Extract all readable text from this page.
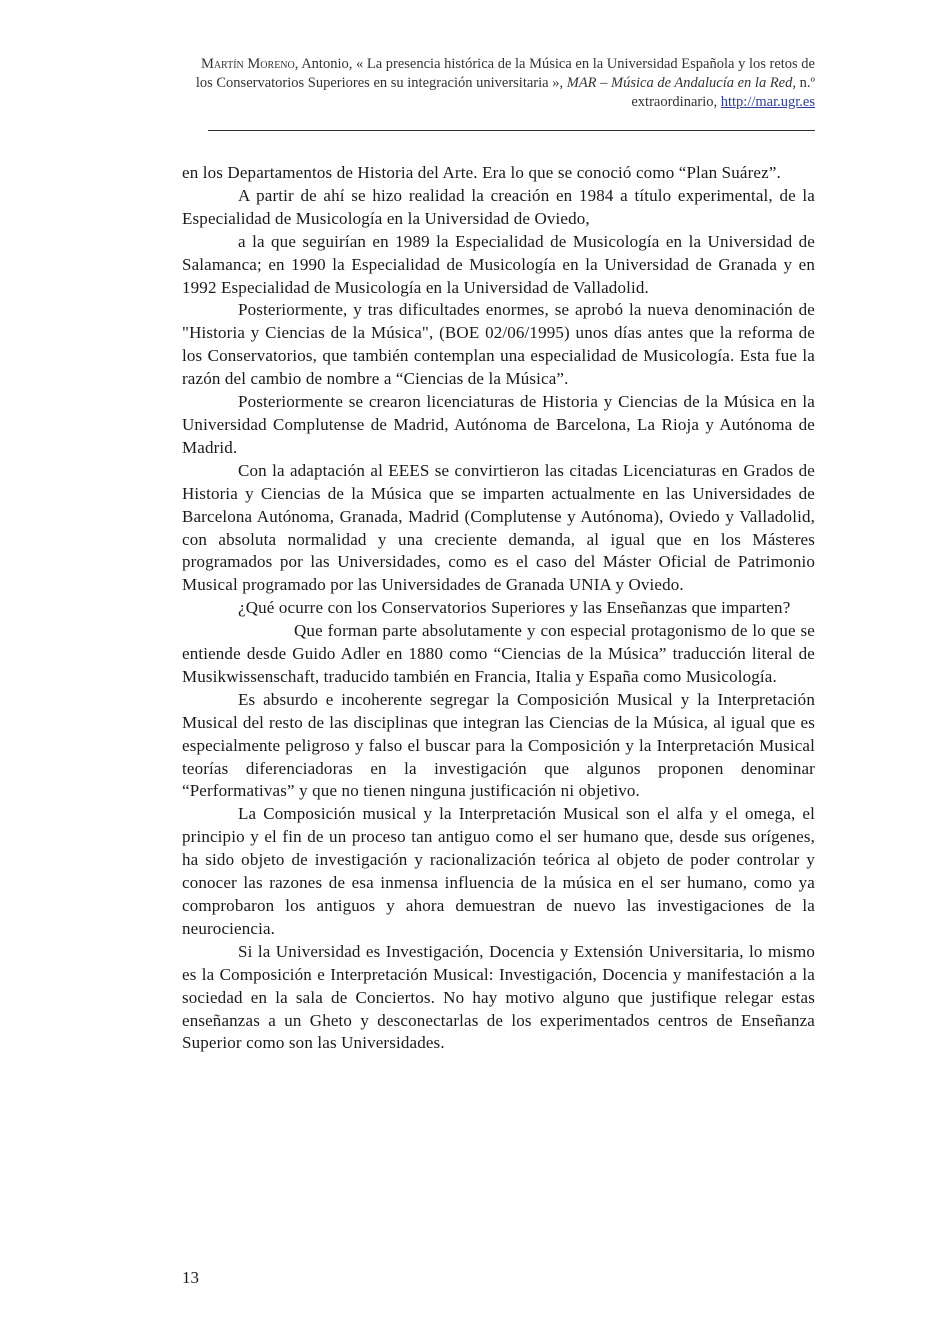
Martín Moreno, Antonio, « La presencia histórica de la Música en la Universidad Española y los retos de los Conservatorios Superiores en su integración universitaria », MAR – Música de Andalucía en la Red, n.º extraordinario, http://mar.ugr.es

en los Departamentos de Historia del Arte. Era lo que se conoció como “Plan Suárez”.

A partir de ahí se hizo realidad la creación en 1984 a título experimental, de la Especialidad de Musicología en la Universidad de Oviedo,

a la que seguirían en 1989 la Especialidad de Musicología en la Universidad de Salamanca; en 1990 la Especialidad de Musicología en la Universidad de Granada y en 1992 Especialidad de Musicología en la Universidad de Valladolid.

Posteriormente, y tras dificultades enormes, se aprobó la nueva denominación de "Historia y Ciencias de la Música", (BOE 02/06/1995) unos días antes que la reforma de los Conservatorios, que también contemplan una especialidad de Musicología. Esta fue la razón del cambio de nombre a “Ciencias de la Música”.

Posteriormente se crearon licenciaturas de Historia y Ciencias de la Música en la Universidad Complutense de Madrid, Autónoma de Barcelona, La Rioja y Autónoma de Madrid.

Con la adaptación al EEES se convirtieron las citadas Licenciaturas en Grados de Historia y Ciencias de la Música que se imparten actualmente en las Universidades de Barcelona Autónoma, Granada, Madrid (Complutense y Autónoma), Oviedo y Valladolid, con absoluta normalidad y una creciente demanda, al igual que en los Másteres programados por las Universidades, como es el caso del Máster Oficial de Patrimonio Musical programado por las Universidades de Granada UNIA y Oviedo.

¿Qué ocurre con los Conservatorios Superiores y las Enseñanzas que imparten?

Que forman parte absolutamente y con especial protagonismo de lo que se entiende desde Guido Adler en 1880 como “Ciencias de la Música” traducción literal de Musikwissenschaft, traducido también en Francia, Italia y España como Musicología.

Es absurdo e incoherente segregar la Composición Musical y la Interpretación Musical del resto de las disciplinas que integran las Ciencias de la Música, al igual que es especialmente peligroso y falso el buscar para la Composición y la Interpretación Musical teorías diferenciadoras en la investigación que algunos proponen denominar “Performativas” y que no tienen ninguna justificación ni objetivo.

La Composición musical y la Interpretación Musical son el alfa y el omega, el principio y el fin de un proceso tan antiguo como el ser humano que, desde sus orígenes, ha sido objeto de investigación y racionalización teórica al objeto de poder controlar y conocer las razones de esa inmensa influencia de la música en el ser humano, como ya comprobaron los antiguos y ahora demuestran de nuevo las investigaciones de la neurociencia.

Si la Universidad es Investigación, Docencia y Extensión Universitaria, lo mismo es la Composición e Interpretación Musical: Investigación, Docencia y manifestación a la sociedad en la sala de Conciertos. No hay motivo alguno que justifique relegar estas enseñanzas a un Gheto y desconectarlas de los experimentados centros de Enseñanza Superior como son las Universidades.

13
